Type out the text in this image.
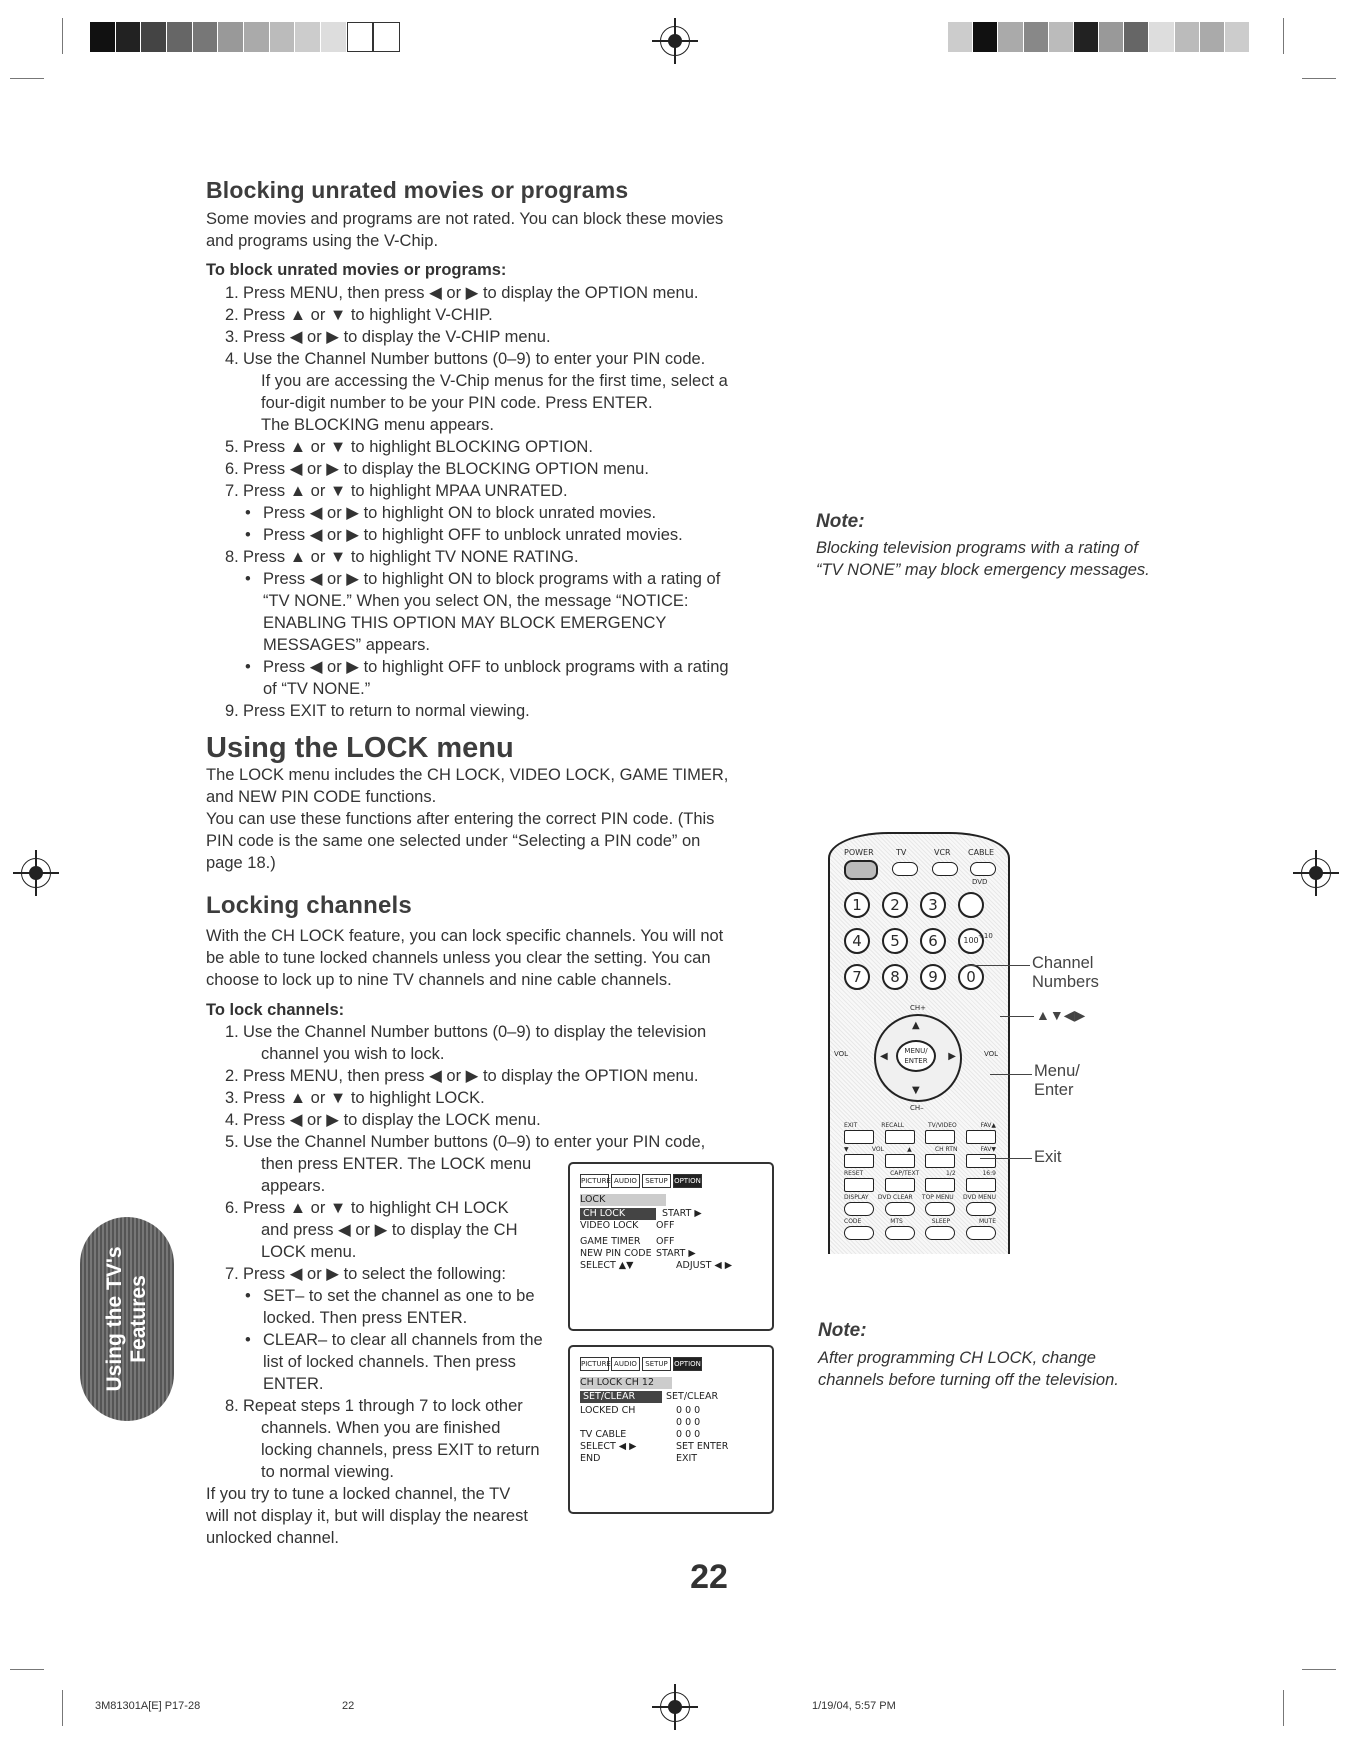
Blocking unrated movies or programs
Some movies and programs are not rated. You can block these movies
and programs using the V-Chip.
To block unrated movies or programs:
1. Press MENU, then press ◀ or ▶ to display the OPTION menu.
2. Press ▲ or ▼ to highlight V-CHIP.
3. Press ◀ or ▶ to display the V-CHIP menu.
4. Use the Channel Number buttons (0–9) to enter your PIN code.
If you are accessing the V-Chip menus for the first time, select a
four-digit number to be your PIN code. Press ENTER.
The BLOCKING menu appears.
5. Press ▲ or ▼ to highlight BLOCKING OPTION.
6. Press ◀ or ▶ to display the BLOCKING OPTION menu.
7. Press ▲ or ▼ to highlight MPAA UNRATED.
• Press ◀ or ▶ to highlight ON to block unrated movies.
• Press ◀ or ▶ to highlight OFF to unblock unrated movies.
8. Press ▲ or ▼ to highlight TV NONE RATING.
• Press ◀ or ▶ to highlight ON to block programs with a rating of
“TV NONE.” When you select ON, the message “NOTICE:
ENABLING THIS OPTION MAY BLOCK EMERGENCY
MESSAGES” appears.
• Press ◀ or ▶ to highlight OFF to unblock programs with a rating
of “TV NONE.”
9. Press EXIT to return to normal viewing.
Note:
Blocking television programs with a rating of
“TV NONE” may block emergency messages.
Using the LOCK menu
The LOCK menu includes the CH LOCK, VIDEO LOCK, GAME TIMER,
and NEW PIN CODE functions.
You can use these functions after entering the correct PIN code. (This
PIN code is the same one selected under “Selecting a PIN code” on
page 18.)
Locking channels
With the CH LOCK feature, you can lock specific channels. You will not
be able to tune locked channels unless you clear the setting. You can
choose to lock up to nine TV channels and nine cable channels.
To lock channels:
1. Use the Channel Number buttons (0–9) to display the television
channel you wish to lock.
2. Press MENU, then press ◀ or ▶ to display the OPTION menu.
3. Press ▲ or ▼ to highlight LOCK.
4. Press ◀ or ▶ to display the LOCK menu.
5. Use the Channel Number buttons (0–9) to enter your PIN code,
then press ENTER. The LOCK menu
appears.
6. Press ▲ or ▼ to highlight CH LOCK
and press ◀ or ▶ to display the CH
LOCK menu.
7. Press ◀ or ▶ to select the following:
• SET– to set the channel as one to be
locked. Then press ENTER.
• CLEAR– to clear all channels from the
list of locked channels. Then press
ENTER.
8. Repeat steps 1 through 7 to lock other
channels. When you are finished
locking channels, press EXIT to return
to normal viewing.
If you try to tune a locked channel, the TV
will not display it, but will display the nearest
unlocked channel.
PICTURE AUDIO	SETUP OPTION
LOCK
CH LOCK	START ▶
VIDEO LOCK	OFF
GAME TIMER	OFF
NEW PIN CODE START ▶
SELECT ▲▼	ADJUST ◀ ▶
PICTURE AUDIO	SETUP OPTION
CH LOCK CH 12
SET/CLEAR	SET/CLEAR
LOCKED CH	0 0 0
0 0 0
TV CABLE	0 0 0
SELECT ◀ ▶	SET ENTER
END	EXIT
POWER	TV	VCR CABLE
DVD
1	2	3
4	5	6	100
7	8	9	0
+10
CH+
▲
▼
◀	▶
MENU/
ENTER
VOL	VOL
CH–
EXIT	RECALL	TV/VIDEO	FAV▲
▼	VOL	▲	CH RTN	FAV▼
RESET	CAP/TEXT	1/2	16:9
DISPLAY DVD CLEAR TOP MENU DVD MENU
CODE	MTS	SLEEP	MUTE
Channel
Numbers
▲▼◀▶
Menu/
Enter
Exit
Note:
After programming CH LOCK, change
channels before turning off the television.
Using the TV's Features
22
3M81301A[E] P17-28	22	1/19/04, 5:57 PM
